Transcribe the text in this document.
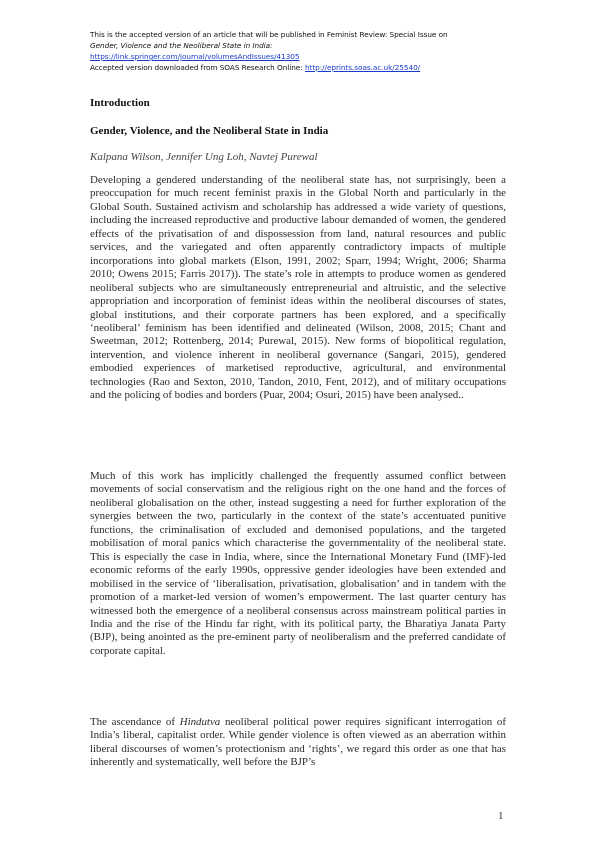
This is the accepted version of an article that will be published in Feminist Review: Special Issue on
Gender, Violence and the Neoliberal State in India:
https://link.springer.com/journal/volumesAndIssues/41305
Accepted version downloaded from SOAS Research Online: http://eprints.soas.ac.uk/25540/
Introduction
Gender, Violence, and the Neoliberal State in India
Kalpana Wilson, Jennifer Ung Loh, Navtej Purewal

Developing a gendered understanding of the neoliberal state has, not surprisingly, been a preoccupation for much recent feminist praxis in the Global North and particularly in the Global South. Sustained activism and scholarship has addressed a wide variety of questions, including the increased reproductive and productive labour demanded of women, the gendered effects of the privatisation of and dispossession from land, natural resources and public services, and the variegated and often apparently contradictory impacts of multiple incorporations into global markets (Elson, 1991, 2002; Sparr, 1994; Wright, 2006; Sharma 2010; Owens 2015; Farris 2017)). The state’s role in attempts to produce women as gendered neoliberal subjects who are simultaneously entrepreneurial and altruistic, and the selective appropriation and incorporation of feminist ideas within the neoliberal discourses of states, global institutions, and their corporate partners has been explored, and a specifically ‘neoliberal’ feminism has been identified and delineated (Wilson, 2008, 2015; Chant and Sweetman, 2012; Rottenberg, 2014; Purewal, 2015). New forms of biopolitical regulation, intervention, and violence inherent in neoliberal governance (Sangari, 2015), gendered embodied experiences of marketised reproductive, agricultural, and environmental technologies (Rao and Sexton, 2010, Tandon, 2010, Fent, 2012), and of military occupations and the policing of bodies and borders (Puar, 2004; Osuri, 2015) have been analysed..

Much of this work has implicitly challenged the frequently assumed conflict between movements of social conservatism and the religious right on the one hand and the forces of neoliberal globalisation on the other, instead suggesting a need for further exploration of the synergies between the two, particularly in the context of the state’s accentuated punitive functions, the criminalisation of excluded and demonised populations, and the targeted mobilisation of moral panics which characterise the governmentality of the neoliberal state. This is especially the case in India, where, since the International Monetary Fund (IMF)-led economic reforms of the early 1990s, oppressive gender ideologies have been extended and mobilised in the service of ‘liberalisation, privatisation, globalisation’ and in tandem with the promotion of a market-led version of women’s empowerment. The last quarter century has witnessed both the emergence of a neoliberal consensus across mainstream political parties in India and the rise of the Hindu far right, with its political party, the Bharatiya Janata Party (BJP), being anointed as the pre-eminent party of neoliberalism and the preferred candidate of corporate capital.

The ascendance of Hindutva neoliberal political power requires significant interrogation of India’s liberal, capitalist order. While gender violence is often viewed as an aberration within liberal discourses of women’s protectionism and ‘rights’, we regard this order as one that has inherently and systematically, well before the BJP’s

1
